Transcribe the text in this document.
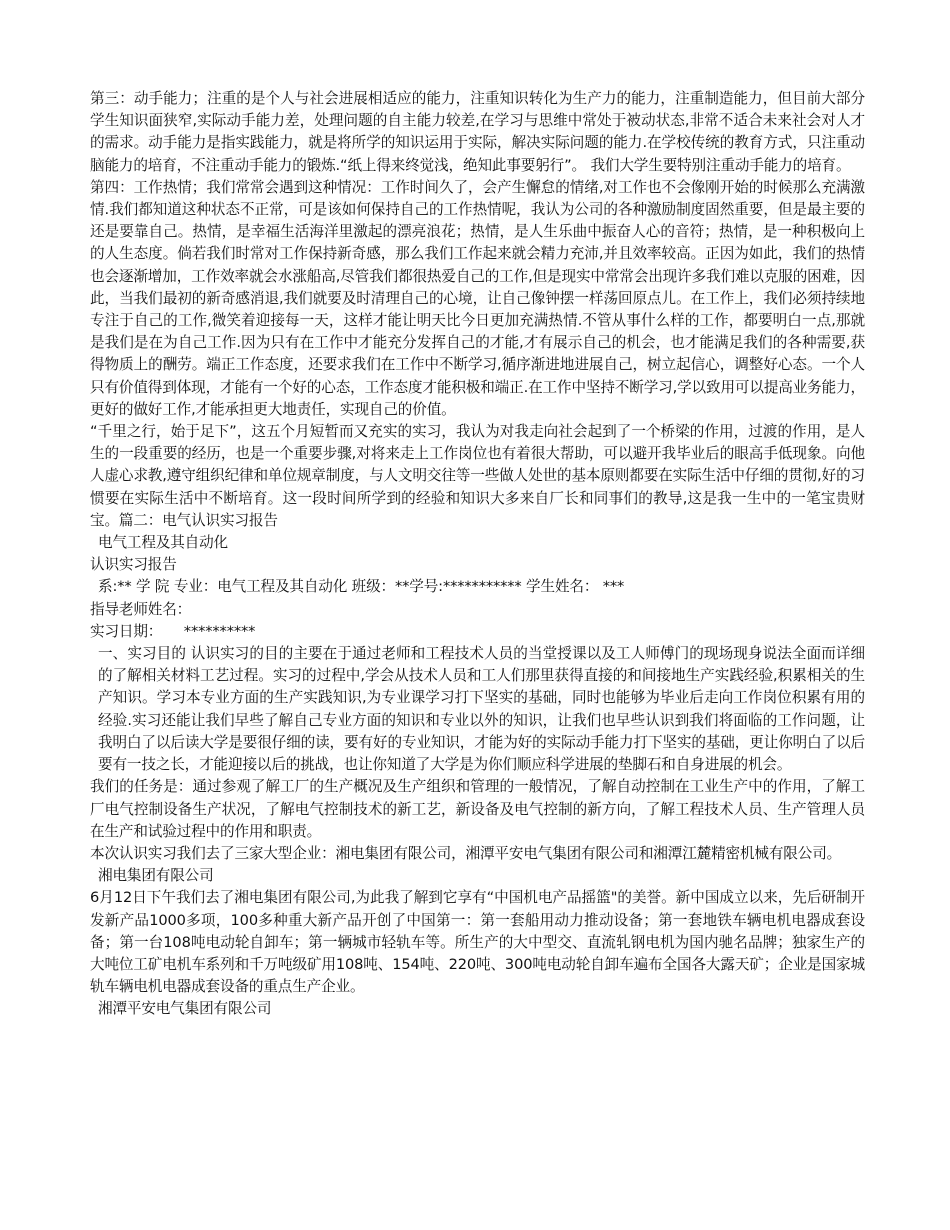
第三：动手能力；注重的是个人与社会进展相适应的能力，注重知识转化为生产力的能力，注重制造能力，但目前大部分学生知识面狭窄,实际动手能力差，处理问题的自主能力较差,在学习与思维中常处于被动状态,非常不适合未来社会对人才的需求。动手能力是指实践能力，就是将所学的知识运用于实际，解决实际问题的能力.在学校传统的教育方式，只注重动脑能力的培育，不注重动手能力的锻炼.“纸上得来终觉浅，绝知此事要躬行”。 我们大学生要特别注重动手能力的培育。

第四：工作热情；我们常常会遇到这种情况：工作时间久了，会产生懈怠的情绪,对工作也不会像刚开始的时候那么充满激情.我们都知道这种状态不正常，可是该如何保持自己的工作热情呢，我认为公司的各种激励制度固然重要，但是最主要的还是要靠自己。热情，是幸福生活海洋里激起的漂亮浪花；热情，是人生乐曲中振奋人心的音符；热情，是一种积极向上的人生态度。倘若我们时常对工作保持新奇感，那么我们工作起来就会精力充沛,并且效率较高。正因为如此，我们的热情也会逐渐增加，工作效率就会水涨船高,尽管我们都很热爱自己的工作,但是现实中常常会出现许多我们难以克服的困难，因此，当我们最初的新奇感消退,我们就要及时清理自己的心境，让自己像钟摆一样荡回原点儿。在工作上，我们必须持续地专注于自己的工作,微笑着迎接每一天，这样才能让明天比今日更加充满热情.不管从事什么样的工作，都要明白一点,那就是我们是在为自己工作.因为只有在工作中才能充分发挥自己的才能,才有展示自己的机会，也才能满足我们的各种需要,获得物质上的酬劳。端正工作态度，还要求我们在工作中不断学习,循序渐进地进展自己，树立起信心，调整好心态。一个人只有价值得到体现，才能有一个好的心态，工作态度才能积极和端正.在工作中坚持不断学习,学以致用可以提高业务能力，更好的做好工作,才能承担更大地责任，实现自己的价值。

“千里之行，始于足下”，这五个月短暂而又充实的实习，我认为对我走向社会起到了一个桥梁的作用，过渡的作用，是人生的一段重要的经历，也是一个重要步骤,对将来走上工作岗位也有着很大帮助，可以避开我毕业后的眼高手低现象。向他人虚心求教,遵守组织纪律和单位规章制度，与人文明交往等一些做人处世的基本原则都要在实际生活中仔细的贯彻,好的习惯要在实际生活中不断培育。这一段时间所学到的经验和知识大多来自厂长和同事们的教导,这是我一生中的一笔宝贵财宝。篇二：电气认识实习报告

电气工程及其自动化

认识实习报告

系:** 学 院 专业：电气工程及其自动化 班级：**学号:*********** 学生姓名： ***

指导老师姓名：

实习日期：　　**********

一、实习目的 认识实习的目的主要在于通过老师和工程技术人员的当堂授课以及工人师傅门的现场现身说法全面而详细的了解相关材料工艺过程。实习的过程中,学会从技术人员和工人们那里获得直接的和间接地生产实践经验,积累相关的生产知识。学习本专业方面的生产实践知识,为专业课学习打下坚实的基础，同时也能够为毕业后走向工作岗位积累有用的经验.实习还能让我们早些了解自己专业方面的知识和专业以外的知识，让我们也早些认识到我们将面临的工作问题，让我明白了以后读大学是要很仔细的读，要有好的专业知识，才能为好的实际动手能力打下坚实的基础，更让你明白了以后要有一技之长，才能迎接以后的挑战，也让你知道了大学是为你们顺应科学进展的垫脚石和自身进展的机会。

我们的任务是：通过参观了解工厂的生产概况及生产组织和管理的一般情况，了解自动控制在工业生产中的作用，了解工厂电气控制设备生产状况，了解电气控制技术的新工艺，新设备及电气控制的新方向，了解工程技术人员、生产管理人员在生产和试验过程中的作用和职责。

本次认识实习我们去了三家大型企业：湘电集团有限公司，湘潭平安电气集团有限公司和湘潭江麓精密机械有限公司。

湘电集团有限公司

6月12日下午我们去了湘电集团有限公司,为此我了解到它享有“中国机电产品摇篮"的美誉。新中国成立以来，先后研制开发新产品1000多项，100多种重大新产品开创了中国第一：第一套船用动力推动设备；第一套地铁车辆电机电器成套设备；第一台108吨电动轮自卸车；第一辆城市轻轨车等。所生产的大中型交、直流轧钢电机为国内驰名品牌；独家生产的大吨位工矿电机车系列和千万吨级矿用108吨、154吨、220吨、300吨电动轮自卸车遍布全国各大露天矿；企业是国家城轨车辆电机电器成套设备的重点生产企业。

湘潭平安电气集团有限公司
